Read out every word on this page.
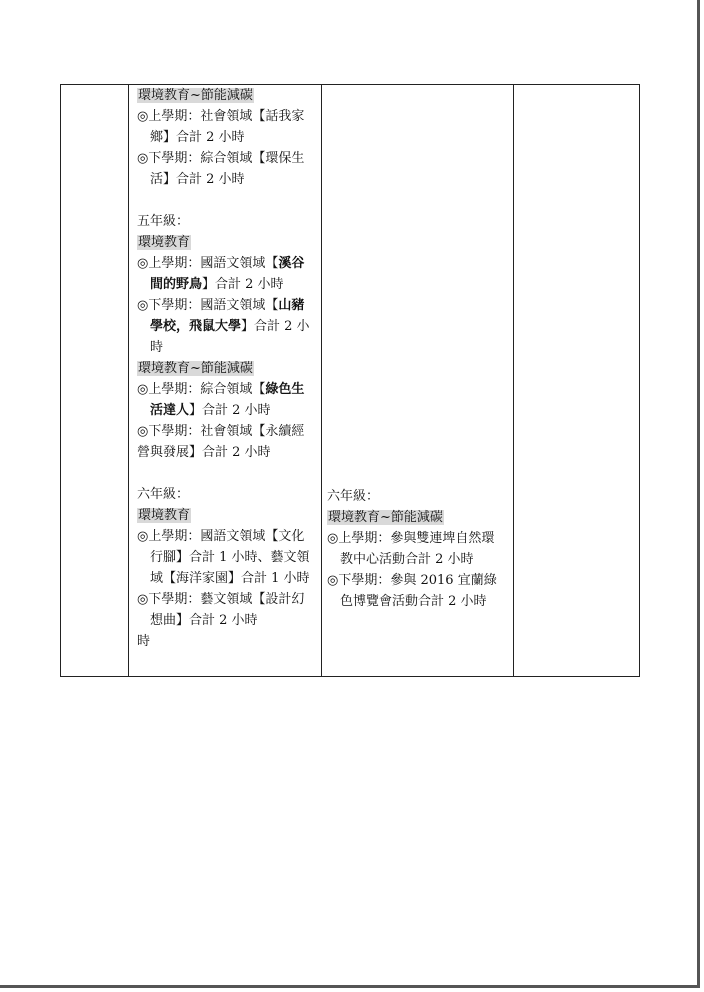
環境教育~節能減碳
◎上學期：社會領域【話我家
鄉】合計 2 小時
◎下學期：綜合領域【環保生
活】合計 2 小時
五年級：
環境教育
◎上學期：國語文領域【溪谷
間的野鳥】合計 2 小時
◎下學期：國語文領域【山豬
學校，飛鼠大學】合計 2 小
時
環境教育~節能減碳
◎上學期：綜合領域【綠色生
活達人】合計 2 小時
◎下學期：社會領域【永續經
營與發展】合計 2 小時
六年級：
環境教育
◎上學期：國語文領域【文化
行腳】合計 1 小時、藝文領
域【海洋家園】合計 1 小時
◎下學期：藝文領域【設計幻
想曲】合計 2 小時
時
六年級：
環境教育~節能減碳
◎上學期：參與雙連埤自然環
教中心活動合計 2 小時
◎下學期：參與 2016 宜蘭綠
色博覽會活動合計 2 小時
